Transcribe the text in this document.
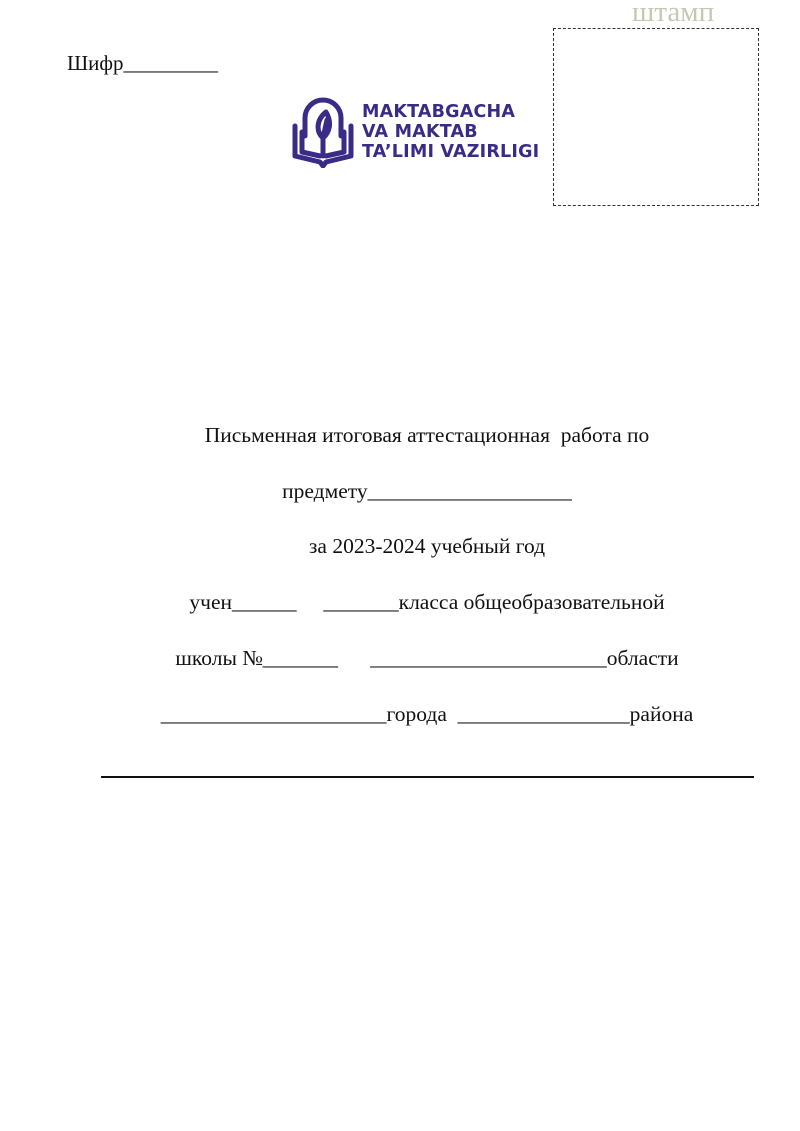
Шифр_________
штамп
MAKTABGACHA
VA MAKTAB
TA’LIMI VAZIRLIGI
Письменная итоговая аттестационная  работа по
предмету___________________
за 2023-2024 учебный год
учен______     _______класса общеобразовательной
школы №_______      ______________________области
_____________________города  ________________района
